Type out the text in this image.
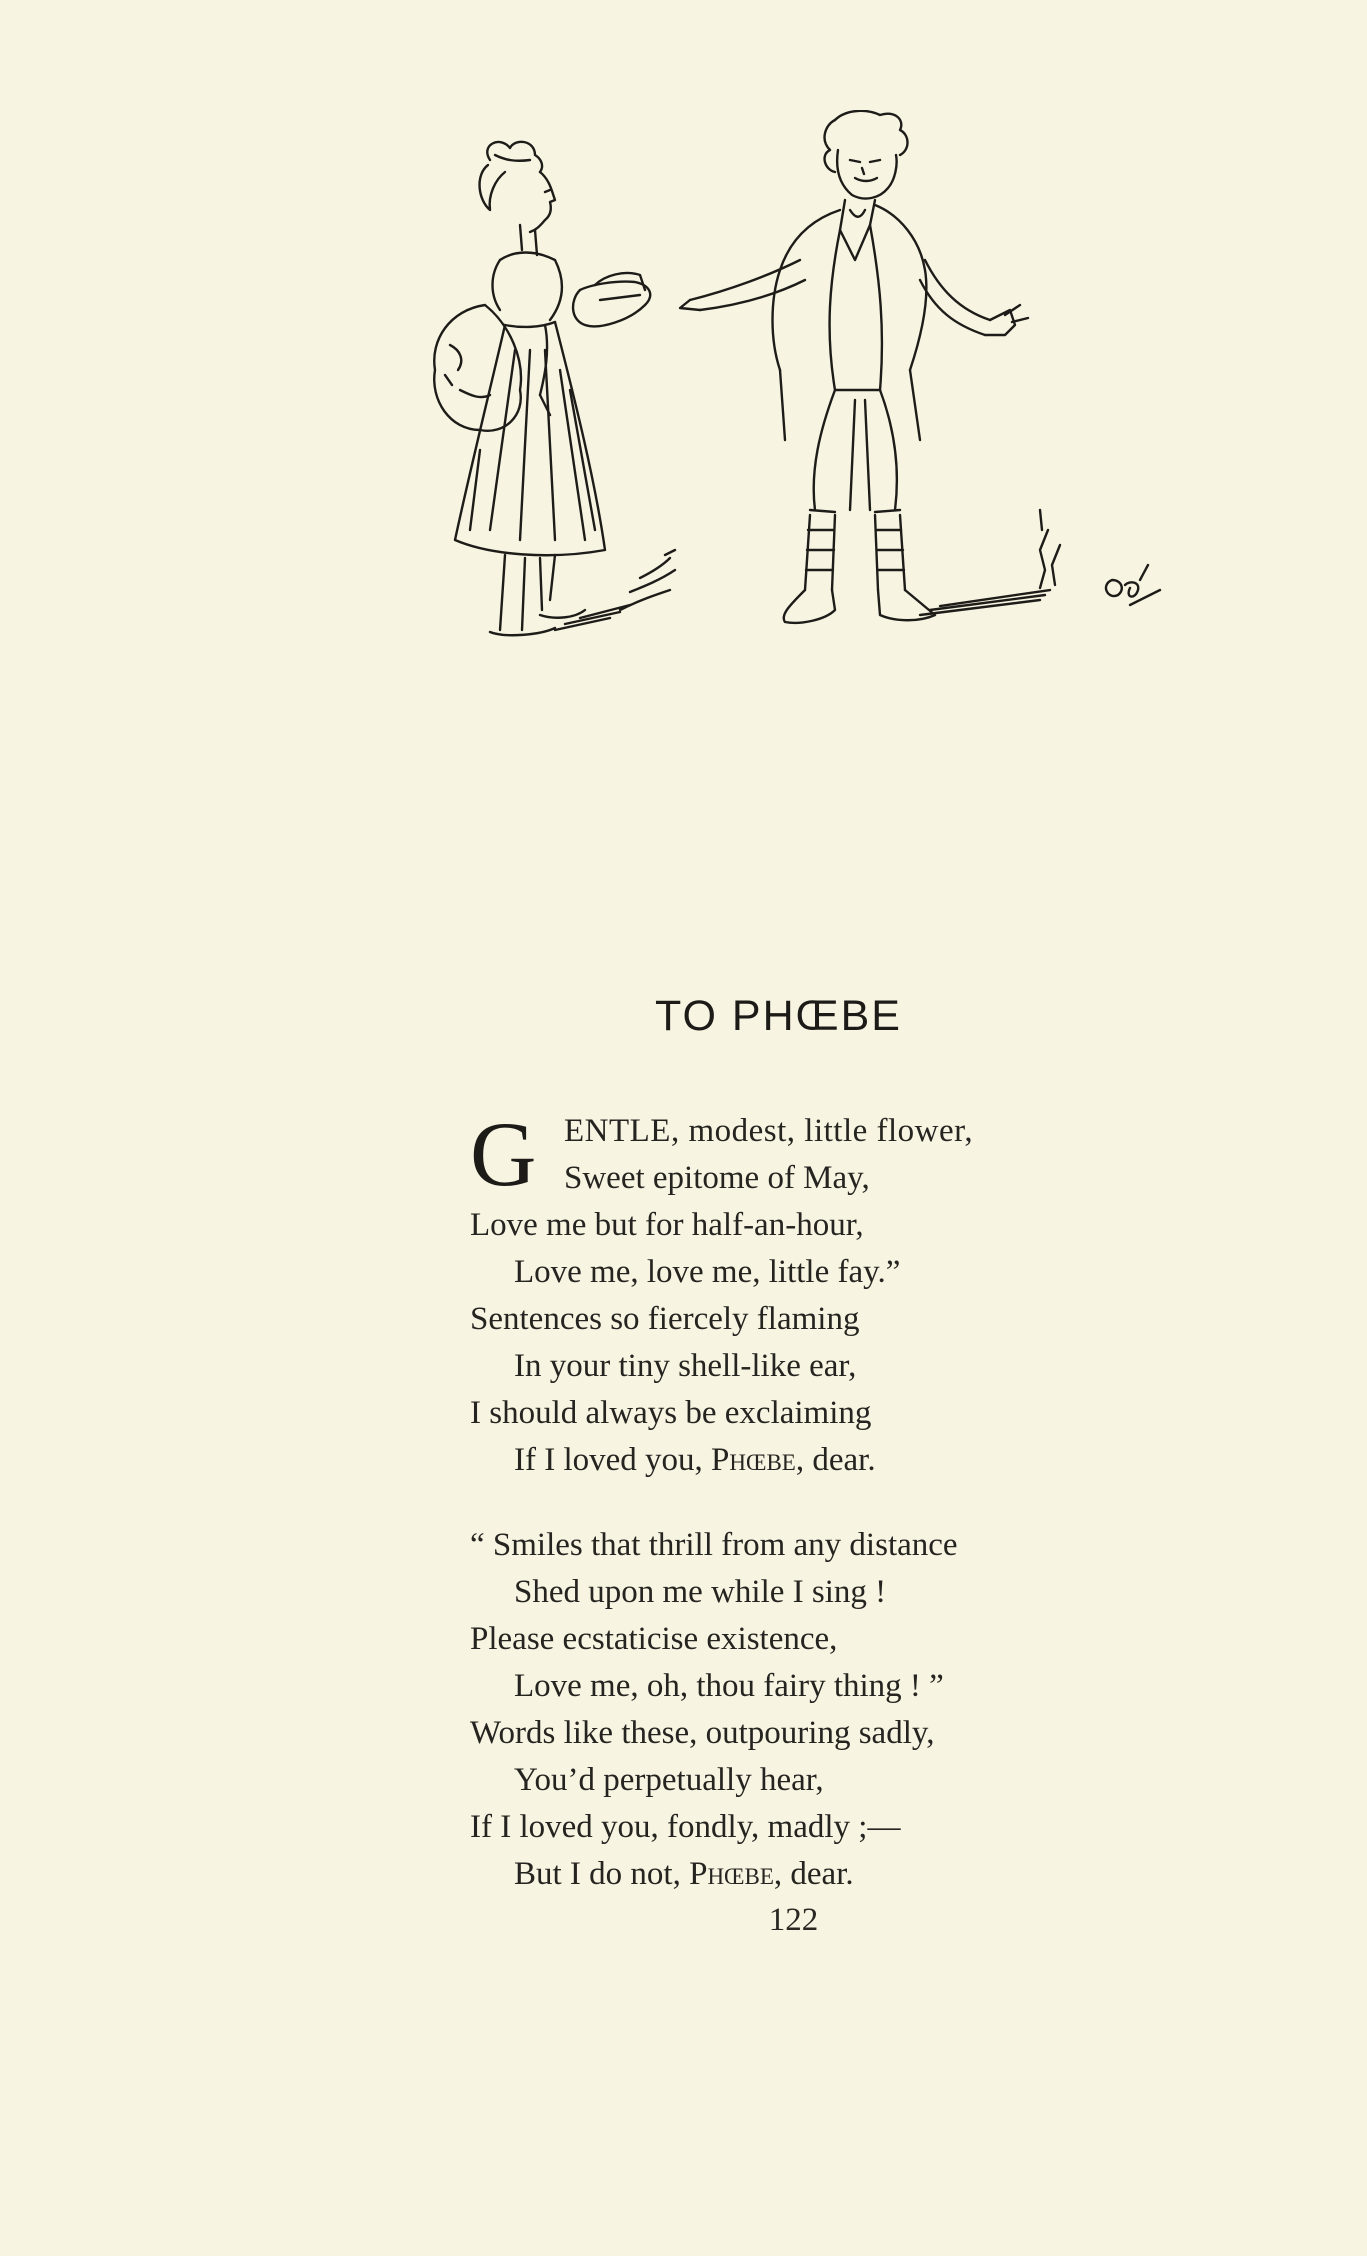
Bab
TO PHŒBE
G ENTLE, modest, little flower,
Sweet epitome of May,
Love me but for half-an-hour,
Love me, love me, little fay.”
Sentences so fiercely flaming
In your tiny shell-like ear,
I should always be exclaiming
If I loved you, Phœbe, dear.
“ Smiles that thrill from any distance
Shed upon me while I sing !
Please ecstaticise existence,
Love me, oh, thou fairy thing ! ”
Words like these, outpouring sadly,
You’d perpetually hear,
If I loved you, fondly, madly ;—
But I do not, Phœbe, dear.
122
